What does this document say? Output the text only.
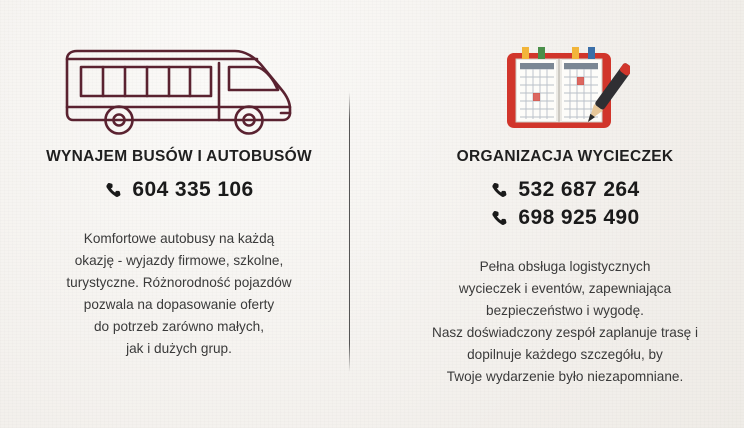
WYNAJEM BUSÓW I AUTOBUSÓW
604 335 106
Komfortowe autobusy na każdą
okazję - wyjazdy firmowe, szkolne,
turystyczne. Różnorodność pojazdów
pozwala na dopasowanie oferty
do potrzeb zarówno małych,
jak i dużych grup.
ORGANIZACJA WYCIECZEK
532 687 264
698 925 490
Pełna obsługa logistycznych
wycieczek i eventów, zapewniająca
bezpieczeństwo i wygodę.
Nasz doświadczony zespół zaplanuje trasę i
dopilnuje każdego szczegółu, by
Twoje wydarzenie było niezapomniane.
